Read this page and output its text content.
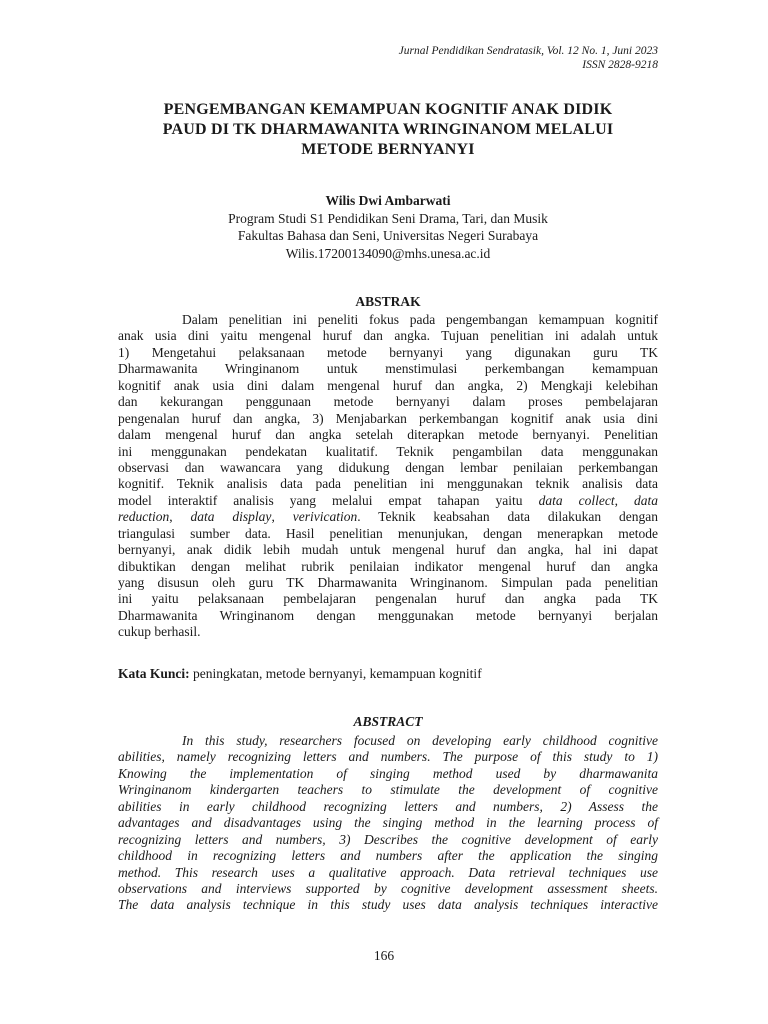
Jurnal Pendidikan Sendratasik, Vol. 12 No. 1, Juni 2023
ISSN 2828-9218
PENGEMBANGAN KEMAMPUAN KOGNITIF ANAK DIDIK
PAUD DI TK DHARMAWANITA WRINGINANOM MELALUI
METODE BERNYANYI
Wilis Dwi Ambarwati
Program Studi S1 Pendidikan Seni Drama, Tari, dan Musik
Fakultas Bahasa dan Seni, Universitas Negeri Surabaya
Wilis.17200134090@mhs.unesa.ac.id
ABSTRAK
Dalam penelitian ini peneliti fokus pada pengembangan kemampuan kognitif
anak usia dini yaitu mengenal huruf dan angka. Tujuan penelitian ini adalah untuk
1) Mengetahui pelaksanaan metode bernyanyi yang digunakan guru TK
Dharmawanita Wringinanom untuk menstimulasi perkembangan kemampuan
kognitif anak usia dini dalam mengenal huruf dan angka, 2) Mengkaji kelebihan
dan kekurangan penggunaan metode bernyanyi dalam proses pembelajaran
pengenalan huruf dan angka, 3) Menjabarkan perkembangan kognitif anak usia dini
dalam mengenal huruf dan angka setelah diterapkan metode bernyanyi. Penelitian
ini menggunakan pendekatan kualitatif. Teknik pengambilan data menggunakan
observasi dan wawancara yang didukung dengan lembar penilaian perkembangan
kognitif. Teknik analisis data pada penelitian ini menggunakan teknik analisis data
model interaktif analisis yang melalui empat tahapan yaitu data collect, data
reduction, data display, verivication. Teknik keabsahan data dilakukan dengan
triangulasi sumber data. Hasil penelitian menunjukan, dengan menerapkan metode
bernyanyi, anak didik lebih mudah untuk mengenal huruf dan angka, hal ini dapat
dibuktikan dengan melihat rubrik penilaian indikator mengenal huruf dan angka
yang disusun oleh guru TK Dharmawanita Wringinanom. Simpulan pada penelitian
ini yaitu pelaksanaan pembelajaran pengenalan huruf dan angka pada TK
Dharmawanita Wringinanom dengan menggunakan metode bernyanyi berjalan
cukup berhasil.
Kata Kunci: peningkatan, metode bernyanyi, kemampuan kognitif
ABSTRACT
In this study, researchers focused on developing early childhood cognitive
abilities, namely recognizing letters and numbers. The purpose of this study to 1)
Knowing the implementation of singing method used by dharmawanita
Wringinanom kindergarten teachers to stimulate the development of cognitive
abilities in early childhood recognizing letters and numbers, 2) Assess the
advantages and disadvantages using the singing method in the learning process of
recognizing letters and numbers, 3) Describes the cognitive development of early
childhood in recognizing letters and numbers after the application the singing
method. This research uses a qualitative approach. Data retrieval techniques use
observations and interviews supported by cognitive development assessment sheets.
The data analysis technique in this study uses data analysis techniques interactive
166
